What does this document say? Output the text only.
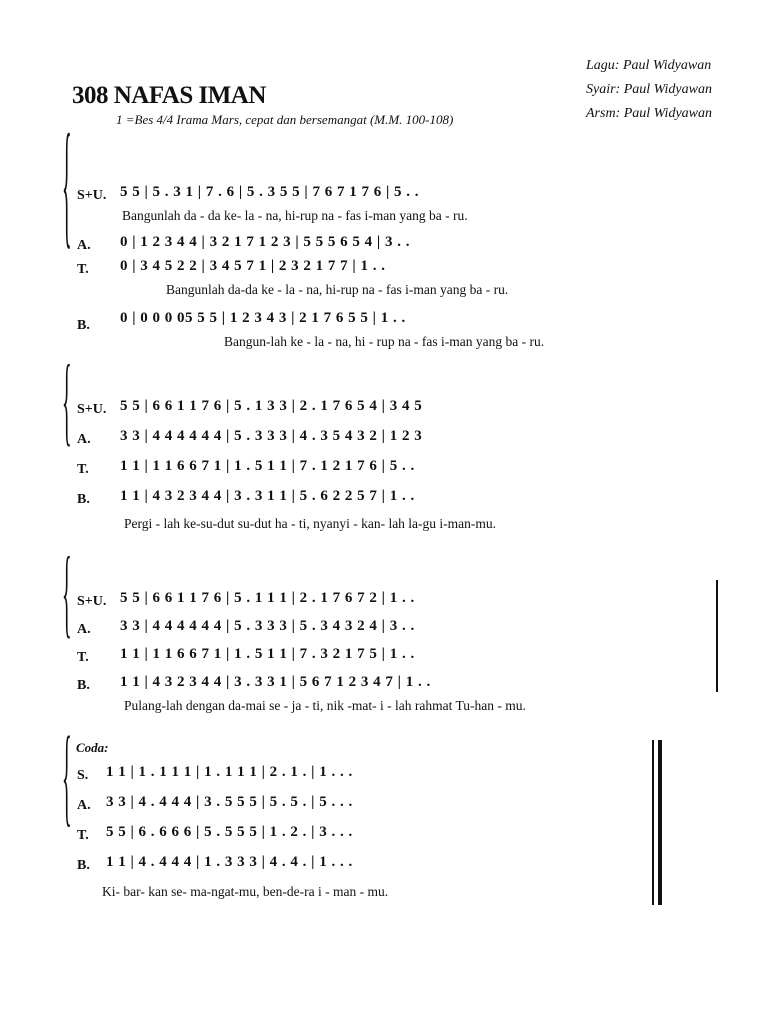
308 NAFAS IMAN
1 =Bes 4/4 Irama Mars, cepat dan bersemangat (M.M. 100-108)
Lagu: Paul Widyawan
Syair: Paul Widyawan
Arsm: Paul Widyawan
{ S+U. 5 5 | 5 . 3 1 | 7 . 6 | 5 . 3 5 5 | 7 6 7 1 7 6 | 5 . .
Bangunlah da - da ke- la - na, hi-rup na - fas i-man yang ba - ru.
A. 0 | 1 2 3 4 4 | 3 2 1 7 1 2 3 | 5 5 5 6 5 4 | 3 . .
T. 0 | 3 4 5 2 2 | 3 4 5 7 1 | 2 3 2 1 7 7 | 1 . .
Bangunlah da-da ke - la - na, hi-rup na - fas i-man yang ba - ru.
B. 0 | 0 0 0 05 5 5 | 1 2 3 4 3 | 2 1 7 6 5 5 | 1 . .
Bangun-lah ke - la - na, hi - rup na - fas i-man yang ba - ru.
{ S+U. 5 5 | 6 6 1 1 7 6 | 5 . 1 3 3 | 2 . 1 7 6 5 4 | 3 4 5
A. 3 3 | 4 4 4 4 4 4 | 5 . 3 3 3 | 4 . 3 5 4 3 2 | 1 2 3
T. 1 1 | 1 1 6 6 7 1 | 1 . 5 1 1 | 7 . 1 2 1 7 6 | 5 . .
B. 1 1 | 4 3 2 3 4 4 | 3 . 3 1 1 | 5 . 6 2 2 5 7 | 1 . .
Pergi - lah ke-su-dut su-dut ha - ti, nyanyi - kan- lah la-gu i-man-mu.
{ S+U. 5 5 | 6 6 1 1 7 6 | 5 . 1 1 1 | 2 . 1 7 6 7 2 | 1 . .
A. 3 3 | 4 4 4 4 4 4 | 5 . 3 3 3 | 5 . 3 4 3 2 4 | 3 . .
T. 1 1 | 1 1 6 6 7 1 | 1 . 5 1 1 | 7 . 3 2 1 7 5 | 1 . .
B. 1 1 | 4 3 2 3 4 4 | 3 . 3 3 1 | 5 6 7 1 2 3 4 7 | 1 . .
Pulang-lah dengan da-mai se - ja - ti, nik -mat- i - lah rahmat Tu-han - mu.
Coda:
{ S. 1 1 | 1 . 1 1 1 | 1 . 1 1 1 | 2 . 1 . | 1 . . .
A. 3 3 | 4 . 4 4 4 | 3 . 5 5 5 | 5 . 5 . | 5 . . .
T. 5 5 | 6 . 6 6 6 | 5 . 5 5 5 | 1 . 2 . | 3 . . .
B. 1 1 | 4 . 4 4 4 | 1 . 3 3 3 | 4 . 4 . | 1 . . .
Ki- bar- kan se- ma-ngat-mu, ben-de-ra i - man - mu.
